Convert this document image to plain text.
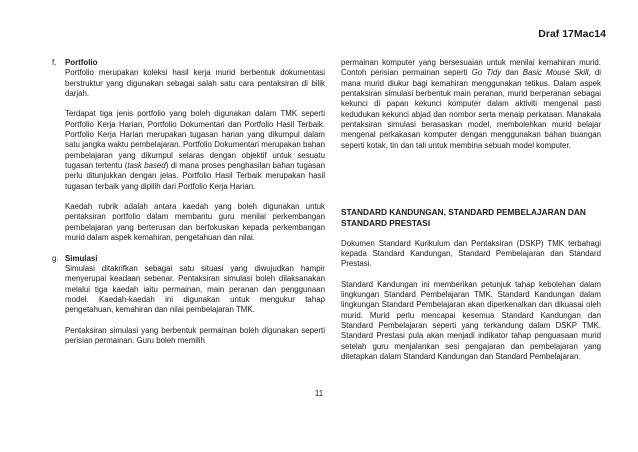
Draf 17Mac14
f. Portfolio

Portfolio merupakan koleksi hasil kerja murid berbentuk dokumentasi berstruktur yang digunakan sebagai salah satu cara pentaksiran di bilik darjah.

Terdapat tiga jenis portfolio yang boleh digunakan dalam TMK seperti Portfolio Kerja Harian, Portfolio Dokumentari dan Portfolio Hasil Terbaik. Portfolio Kerja Harian merupakan tugasan harian yang dikumpul dalam satu jangka waktu pembelajaran. Portfolio Dokumentari merupakan bahan pembelajaran yang dikumpul selaras dengan objektif untuk sesuatu tugasan tertentu (task based) di mana proses penghasilan bahan tugasan perlu ditunjukkan dengan jelas. Portfolio Hasil Terbaik merupakan hasil tugasan terbaik yang dipilih dari Portfolio Kerja Harian.

Kaedah rubrik adalah antara kaedah yang boleh digunakan untuk pentaksiran portfolio dalam membantu guru menilai perkembangan pembelajaran yang berterusan dan berfokuskan kepada perkembangan murid dalam aspek kemahiran, pengetahuan dan nilai.

g. Simulasi

Simulasi ditakrifkan sebagai satu situasi yang diwujudkan hampir menyerupai keadaan sebenar. Pentaksiran simulasi boleh dilaksanakan melalui tiga kaedah iaitu permainan, main peranan dan penggunaan model. Kaedah-kaedah ini digunakan untuk mengukur tahap pengetahuan, kemahiran dan nilai pembelajaran TMK.

Pentaksiran simulasi yang berbentuk permainan boleh digunakan seperti perisian permainan. Guru boleh memilih

permainan komputer yang bersesuaian untuk menilai kemahiran murid. Contoh perisian permainan seperti Go Tidy dan Basic Mouse Skill, di mana murid diukur bagi kemahiran menggunakan tetikus. Dalam aspek pentaksiran simulasi berbentuk main peranan, murid berperanan sebagai kekunci di papan kekunci komputer dalam aktiviti mengenal pasti kedudukan kekunci abjad dan nombor serta menaip perkataan. Manakala pentaksiran simulasi berasaskan model, membolehkan murid belajar mengenal perkakasan komputer dengan menggunakan bahan buangan seperti kotak, tin dan tali untuk membina sebuah model komputer.

STANDARD KANDUNGAN, STANDARD PEMBELAJARAN DAN STANDARD PRESTASI

Dokumen Standard Kurikulum dan Pentaksiran (DSKP) TMK terbahagi kepada Standard Kandungan, Standard Pembelajaran dan Standard Prestasi.

Standard Kandungan ini memberikan petunjuk tahap kebolehan dalam lingkungan Standard Pembelajaran TMK. Standard Kandungan dalam lingkungan Standard Pembelajaran akan diperkenalkan dan dikuasai oleh murid. Murid perlu mencapai kesemua Standard Kandungan dan Standard Pembelajaran seperti yang terkandung dalam DSKP TMK. Standard Prestasi pula akan menjadi indikator tahap penguasaan murid setelah guru menjalankan sesi pengajaran dan pembelajaran yang ditetapkan dalam Standard Kandungan dan Standard Pembelajaran.

11
